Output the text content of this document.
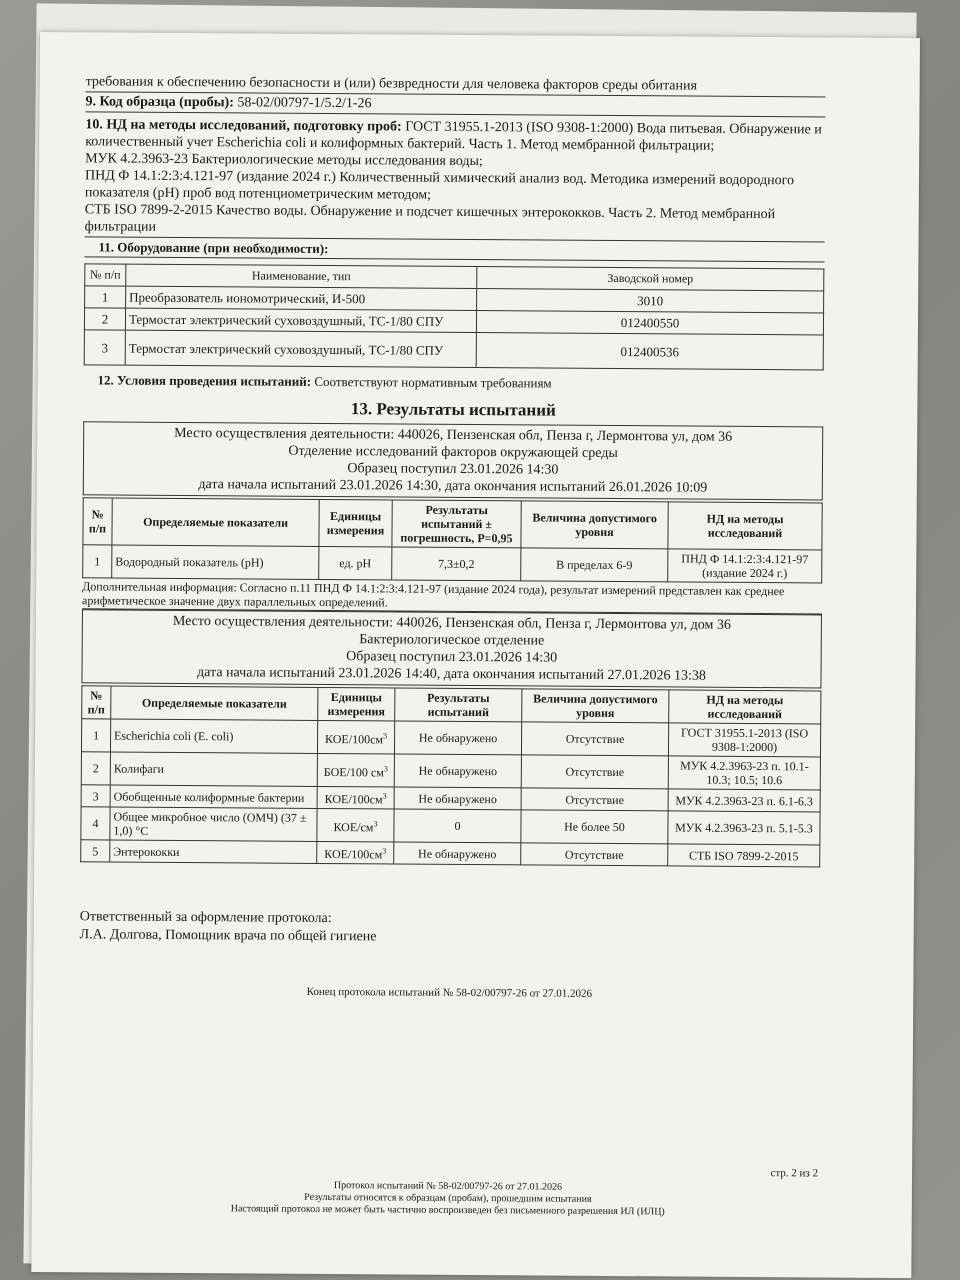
требования к обеспечению безопасности и (или) безвредности для человека факторов среды обитания
9. Код образца (пробы): 58-02/00797-1/5.2/1-26

10. НД на методы исследований, подготовку проб: ГОСТ 31955.1-2013 (ISO 9308-1:2000) Вода питьевая. Обнаружение и количественный учет Escherichia coli и колиформных бактерий. Часть 1. Метод мембранной фильтрации;

МУК 4.2.3963-23 Бактериологические методы исследования воды;

ПНД Ф 14.1:2:3:4.121-97 (издание 2024 г.) Количественный химический анализ вод. Методика измерений водородного показателя (pH) проб вод потенциометрическим методом;

СТБ ISO 7899-2-2015 Качество воды. Обнаружение и подсчет кишечных энтерококков. Часть 2. Метод мембранной фильтрации

11. Оборудование (при необходимости):
№ п/п	Наименование, тип	Заводской номер
1	Преобразователь иономотрический, И-500	3010
2	Термостат электрический суховоздушный, ТС-1/80 СПУ	012400550
3	Термостат электрический суховоздушный, ТС-1/80 СПУ	012400536

12. Условия проведения испытаний: Соответствуют нормативным требованиям

13. Результаты испытаний
Место осуществления деятельности: 440026, Пензенская обл, Пенза г, Лермонтова ул, дом 36
Отделение исследований факторов окружающей среды
Образец поступил 23.01.2026 14:30
дата начала испытаний 23.01.2026 14:30, дата окончания испытаний 26.01.2026 10:09
№ п/п	Определяемые показатели	Единицы измерения	Результаты испытаний ± погрешность, P=0,95	Величина допустимого уровня	НД на методы исследований
1	Водородный показатель (pH)	ед. pH	7,3±0,2	В пределах 6-9	ПНД Ф 14.1:2:3:4.121-97 (издание 2024 г.)
Дополнительная информация: Согласно п.11 ПНД Ф 14.1:2:3:4.121-97 (издание 2024 года), результат измерений представлен как среднее арифметическое значение двух параллельных определений.
Место осуществления деятельности: 440026, Пензенская обл, Пенза г, Лермонтова ул, дом 36
Бактериологическое отделение
Образец поступил 23.01.2026 14:30
дата начала испытаний 23.01.2026 14:40, дата окончания испытаний 27.01.2026 13:38
№ п/п	Определяемые показатели	Единицы измерения	Результаты испытаний	Величина допустимого уровня	НД на методы исследований
1	Escherichia coli (E. coli)	КОЕ/$100см^3$	Не обнаружено	Отсутствие	ГОСТ 31955.1-2013 (ISO 9308-1:2000)
2	Колифаги	БОЕ/100 $см^3$	Не обнаружено	Отсутствие	МУК 4.2.3963-23 п. 10.1-10.3; 10.5; 10.6
3	Обобщенные колиформные бактерии	КОЕ/$100см^3$	Не обнаружено	Отсутствие	МУК 4.2.3963-23 п. 6.1-6.3
4	Общее микробное число (ОМЧ) (37 ± 1,0) °С	КОЕ/$см^3$	0	Не более 50	МУК 4.2.3963-23 п. 5.1-5.3
5	Энтерококки	КОЕ/$100см^3$	Не обнаружено	Отсутствие	СТБ ISO 7899-2-2015

Ответственный за оформление протокола:

Л.А. Долгова, Помощник врача по общей гигиене

Конец протокола испытаний № 58-02/00797-26 от 27.01.2026
стр. 2 из 2
Протокол испытаний № 58-02/00797-26 от 27.01.2026
Результаты относятся к образцам (пробам), прошедшим испытания
Настоящий протокол не может быть частично воспроизведен без письменного разрешения ИЛ (ИЛЦ)
